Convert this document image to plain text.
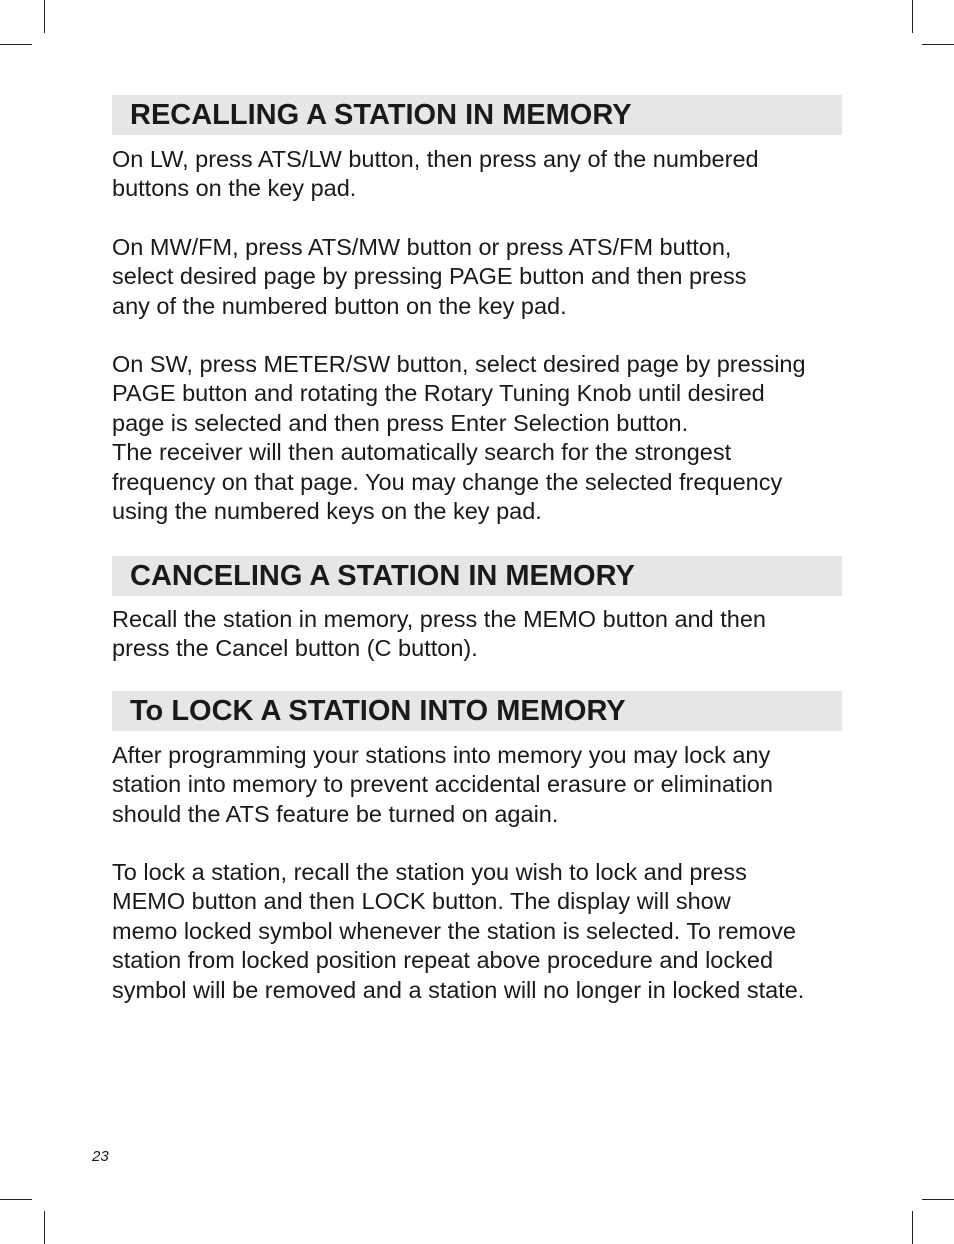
RECALLING A STATION IN MEMORY

On LW, press ATS/LW button, then press any of the numbered
buttons on the key pad.

On MW/FM, press ATS/MW button or press ATS/FM button,
select desired page by pressing PAGE button and then press
any of the numbered button on the key pad.

On SW, press METER/SW button, select desired page by pressing
PAGE button and rotating the Rotary Tuning Knob until desired
page is selected and then press Enter Selection button.
The receiver will then automatically search for the strongest
frequency on that page. You may change the selected frequency
using the numbered keys on the key pad.

CANCELING A STATION IN MEMORY

Recall the station in memory, press the MEMO button and then
press the Cancel button (C button).

To LOCK A STATION INTO MEMORY

After programming your stations into memory you may lock any
station into memory to prevent accidental erasure or elimination
should the ATS feature be turned on again.

To lock a station, recall the station you wish to lock and press
MEMO button and then LOCK button. The display will show
memo locked symbol whenever the station is selected. To remove
station from locked position repeat above procedure and locked
symbol will be removed and a station will no longer in locked state.

23
